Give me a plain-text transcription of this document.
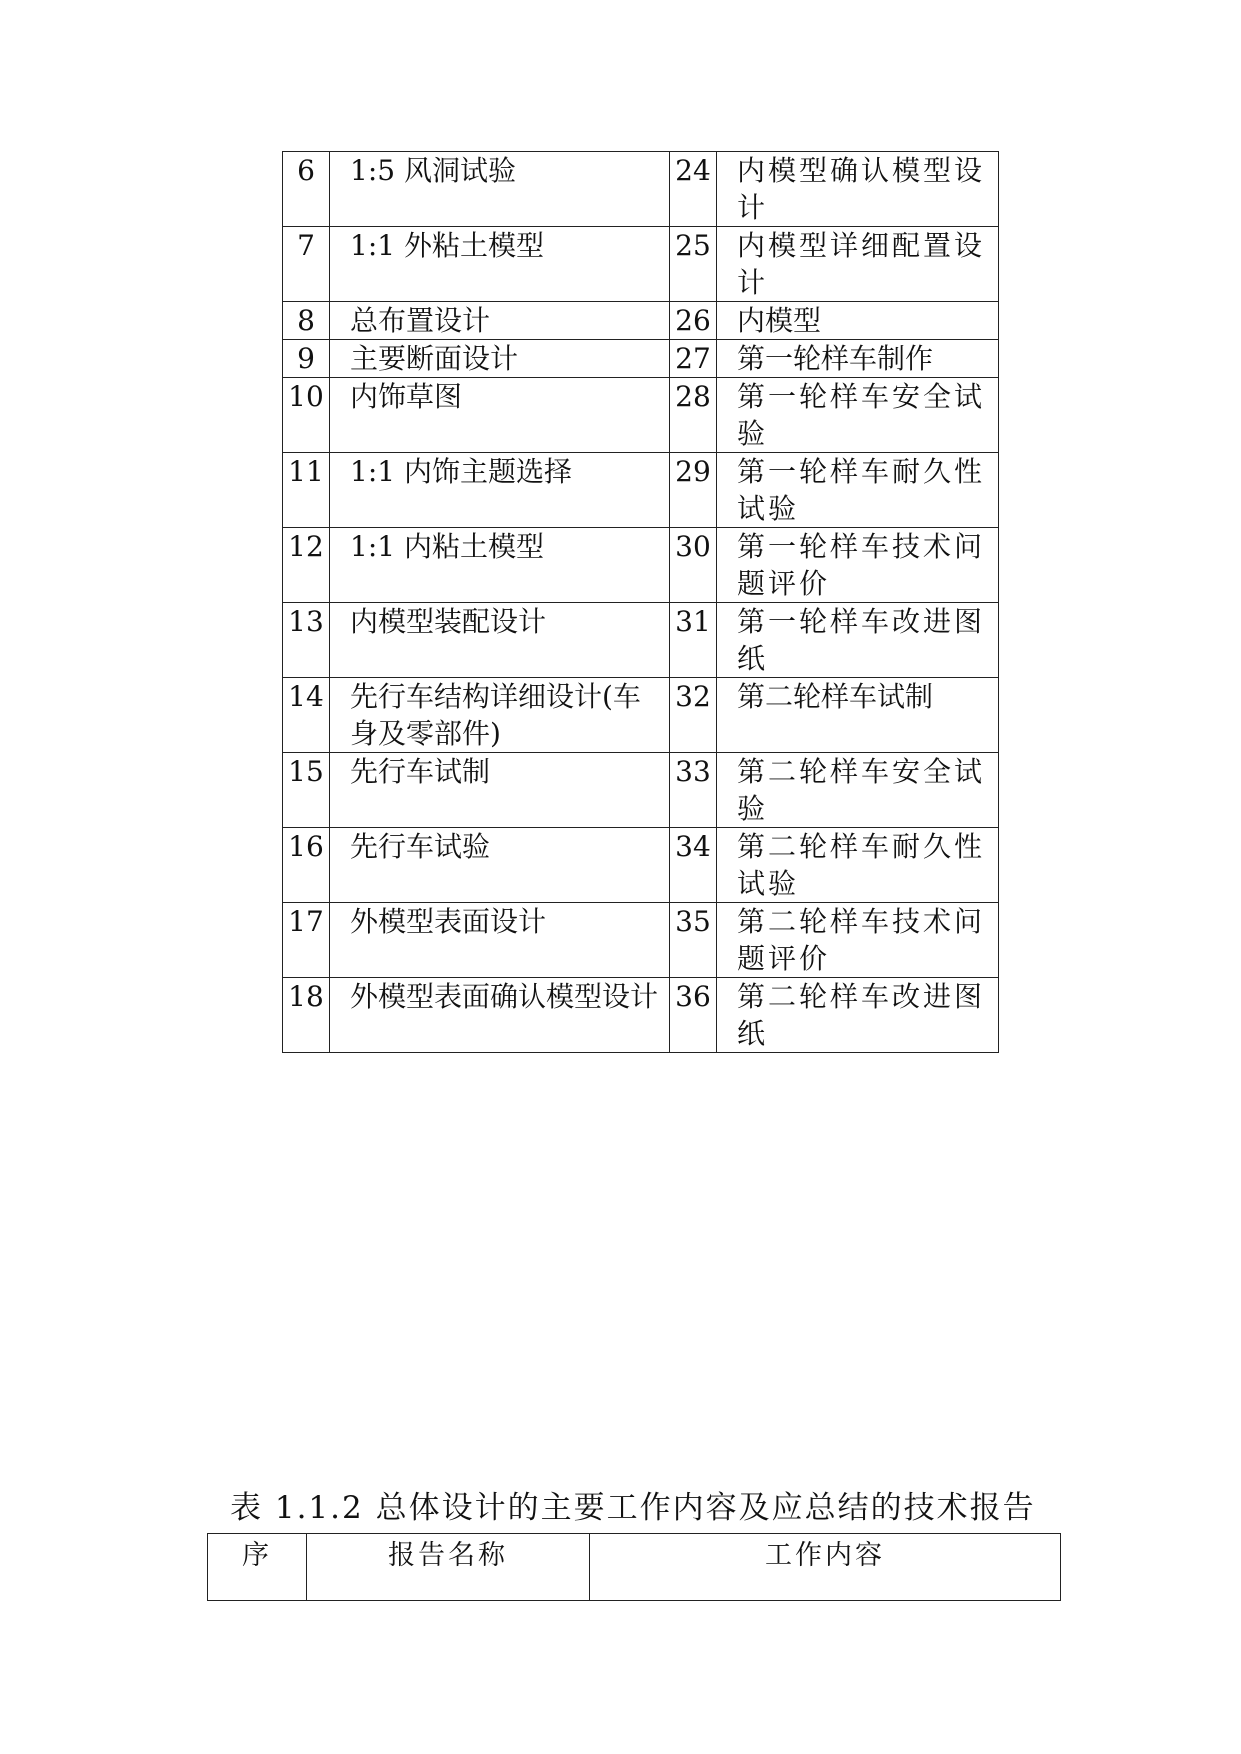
6	1:5 风洞试验	24	内模型确认模型设计
7	1:1 外粘土模型	25	内模型详细配置设计
8	总布置设计	26	内模型
9	主要断面设计	27	第一轮样车制作
10	内饰草图	28	第一轮样车安全试验
11	1:1 内饰主题选择	29	第一轮样车耐久性试验
12	1:1 内粘土模型	30	第一轮样车技术问题评价
13	内模型装配设计	31	第一轮样车改进图纸
14	先行车结构详细设计(车身及零部件)	32	第二轮样车试制
15	先行车试制	33	第二轮样车安全试验
16	先行车试验	34	第二轮样车耐久性试验
17	外模型表面设计	35	第二轮样车技术问题评价
18	外模型表面确认模型设计	36	第二轮样车改进图纸
表 1.1.2 总体设计的主要工作内容及应总结的技术报告
序	报告名称	工作内容
